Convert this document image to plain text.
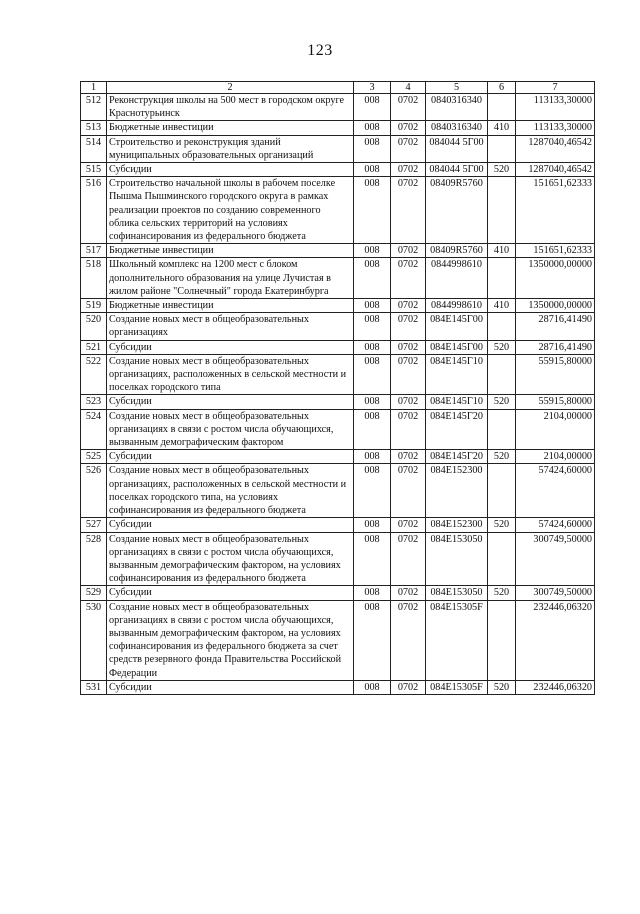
123
1	2	3	4	5	6	7
512	Реконструкция школы на 500 мест в городском округе Краснотурьинск	008	0702	0840316340		113133,30000
513	Бюджетные инвестиции	008	0702	0840316340	410	113133,30000
514	Строительство и реконструкция зданий муниципальных образовательных организаций	008	0702	084044 5Г00		1287040,46542
515	Субсидии	008	0702	084044 5Г00	520	1287040,46542
516	Строительство начальной школы в рабочем поселке Пышма Пышминского городского округа в рамках реализации проектов по созданию современного облика сельских территорий на условиях софинансирования из федерального бюджета	008	0702	08409R5760		151651,62333
517	Бюджетные инвестиции	008	0702	08409R5760	410	151651,62333
518	Школьный комплекс на 1200 мест с блоком дополнительного образования на улице Лучистая в жилом районе "Солнечный" города Екатеринбурга	008	0702	0844998610		1350000,00000
519	Бюджетные инвестиции	008	0702	0844998610	410	1350000,00000
520	Создание новых мест в общеобразовательных организациях	008	0702	084E145Г00		28716,41490
521	Субсидии	008	0702	084E145Г00	520	28716,41490
522	Создание новых мест в общеобразовательных организациях, расположенных в сельской местности и поселках городского типа	008	0702	084E145Г10		55915,80000
523	Субсидии	008	0702	084E145Г10	520	55915,80000
524	Создание новых мест в общеобразовательных организациях в связи с ростом числа обучающихся, вызванным демографическим фактором	008	0702	084E145Г20		2104,00000
525	Субсидии	008	0702	084E145Г20	520	2104,00000
526	Создание новых мест в общеобразовательных организациях, расположенных в сельской местности и поселках городского типа, на условиях софинансирования из федерального бюджета	008	0702	084E152300		57424,60000
527	Субсидии	008	0702	084E152300	520	57424,60000
528	Создание новых мест в общеобразовательных организациях в связи с ростом числа обучающихся, вызванным демографическим фактором, на условиях софинансирования из федерального бюджета	008	0702	084E153050		300749,50000
529	Субсидии	008	0702	084E153050	520	300749,50000
530	Создание новых мест в общеобразовательных организациях в связи с ростом числа обучающихся, вызванным демографическим фактором, на условиях софинансирования из федерального бюджета за счет средств резервного фонда Правительства Российской Федерации	008	0702	084E15305F		232446,06320
531	Субсидии	008	0702	084E15305F	520	232446,06320
